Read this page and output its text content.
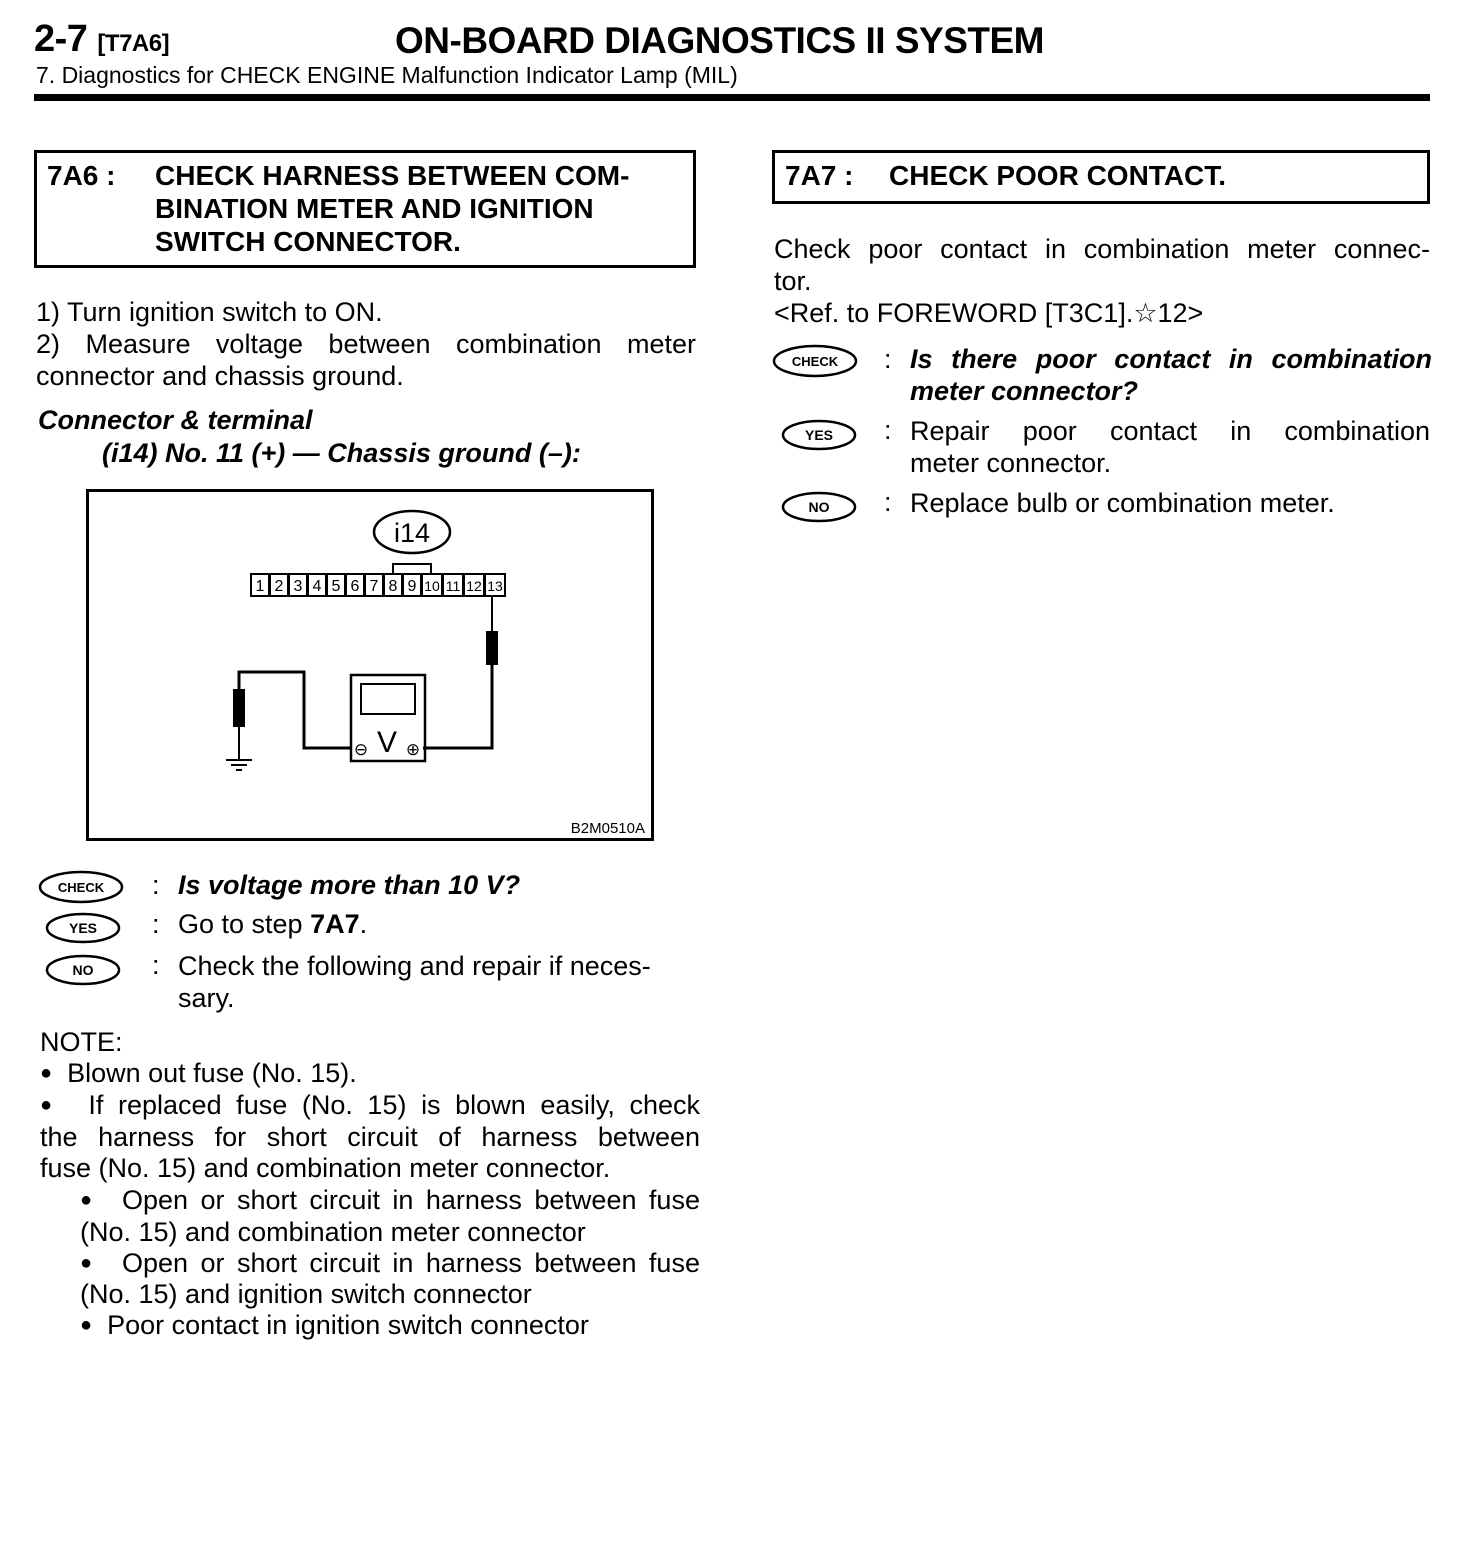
2-7 [T7A6]	ON-BOARD DIAGNOSTICS II SYSTEM
7. Diagnostics for CHECK ENGINE Malfunction Indicator Lamp (MIL)
7A6 : CHECK HARNESS BETWEEN COM-
BINATION METER AND IGNITION
SWITCH CONNECTOR.
1) Turn ignition switch to ON.
2) Measure voltage between combination meter
connector and chassis ground.
Connector & terminal
(i14) No. 11 (+) — Chassis ground (–):
i14
1 2 3 4 5 6 7 8 9 10 11 12 13
V
⊖ ⊕
B2M0510A
CHECK : Is voltage more than 10 V?
YES : Go to step 7A7.
NO : Check the following and repair if neces-
sary.
NOTE:
● Blown out fuse (No. 15).
● If replaced fuse (No. 15) is blown easily, check
the harness for short circuit of harness between
fuse (No. 15) and combination meter connector.
● Open or short circuit in harness between fuse
(No. 15) and combination meter connector
● Open or short circuit in harness between fuse
(No. 15) and ignition switch connector
● Poor contact in ignition switch connector
7A7 : CHECK POOR CONTACT.
Check poor contact in combination meter connec-
tor.
<Ref. to FOREWORD [T3C1].☆12>
CHECK : Is there poor contact in combination
meter connector?
YES : Repair poor contact in combination
meter connector.
NO : Replace bulb or combination meter.
